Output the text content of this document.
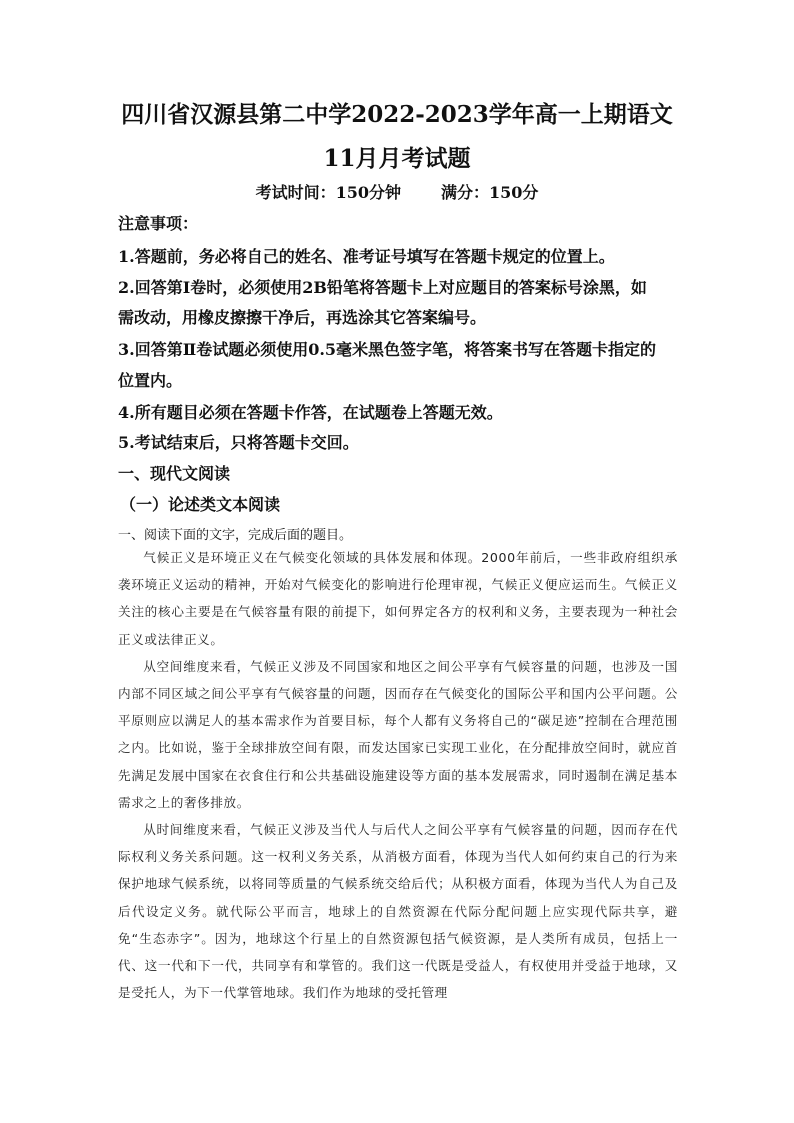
四川省汉源县第二中学2022-2023学年高一上期语文
11月月考试题
考试时间：150分钟	满分：150分
注意事项：
1.答题前，务必将自己的姓名、准考证号填写在答题卡规定的位置上。
2.回答第Ⅰ卷时，必须使用2B铅笔将答题卡上对应题目的答案标号涂黑，如
需改动，用橡皮擦擦干净后，再选涂其它答案编号。
3.回答第Ⅱ卷试题必须使用0.5毫米黑色签字笔，将答案书写在答题卡指定的
位置内。
4.所有题目必须在答题卡作答，在试题卷上答题无效。
5.考试结束后，只将答题卡交回。
一、现代文阅读
（一）论述类文本阅读
一、阅读下面的文字，完成后面的题目。

气候正义是环境正义在气候变化领域的具体发展和体现。2000年前后，一些非政府组织承袭环境正义运动的精神，开始对气候变化的影响进行伦理审视，气候正义便应运而生。气候正义关注的核心主要是在气候容量有限的前提下，如何界定各方的权利和义务，主要表现为一种社会正义或法律正义。

从空间维度来看，气候正义涉及不同国家和地区之间公平享有气候容量的问题，也涉及一国内部不同区域之间公平享有气候容量的问题，因而存在气候变化的国际公平和国内公平问题。公平原则应以满足人的基本需求作为首要目标，每个人都有义务将自己的“碳足迹”控制在合理范围之内。比如说，鉴于全球排放空间有限，而发达国家已实现工业化，在分配排放空间时，就应首先满足发展中国家在衣食住行和公共基础设施建设等方面的基本发展需求，同时遏制在满足基本需求之上的奢侈排放。

从时间维度来看，气候正义涉及当代人与后代人之间公平享有气候容量的问题，因而存在代际权利义务关系问题。这一权利义务关系，从消极方面看，体现为当代人如何约束自己的行为来保护地球气候系统，以将同等质量的气候系统交给后代；从积极方面看，体现为当代人为自己及后代设定义务。就代际公平而言，地球上的自然资源在代际分配问题上应实现代际共享，避免“生态赤字”。因为，地球这个行星上的自然资源包括气候资源，是人类所有成员，包括上一代、这一代和下一代，共同享有和掌管的。我们这一代既是受益人，有权使用并受益于地球，又是受托人，为下一代掌管地球。我们作为地球的受托管理
